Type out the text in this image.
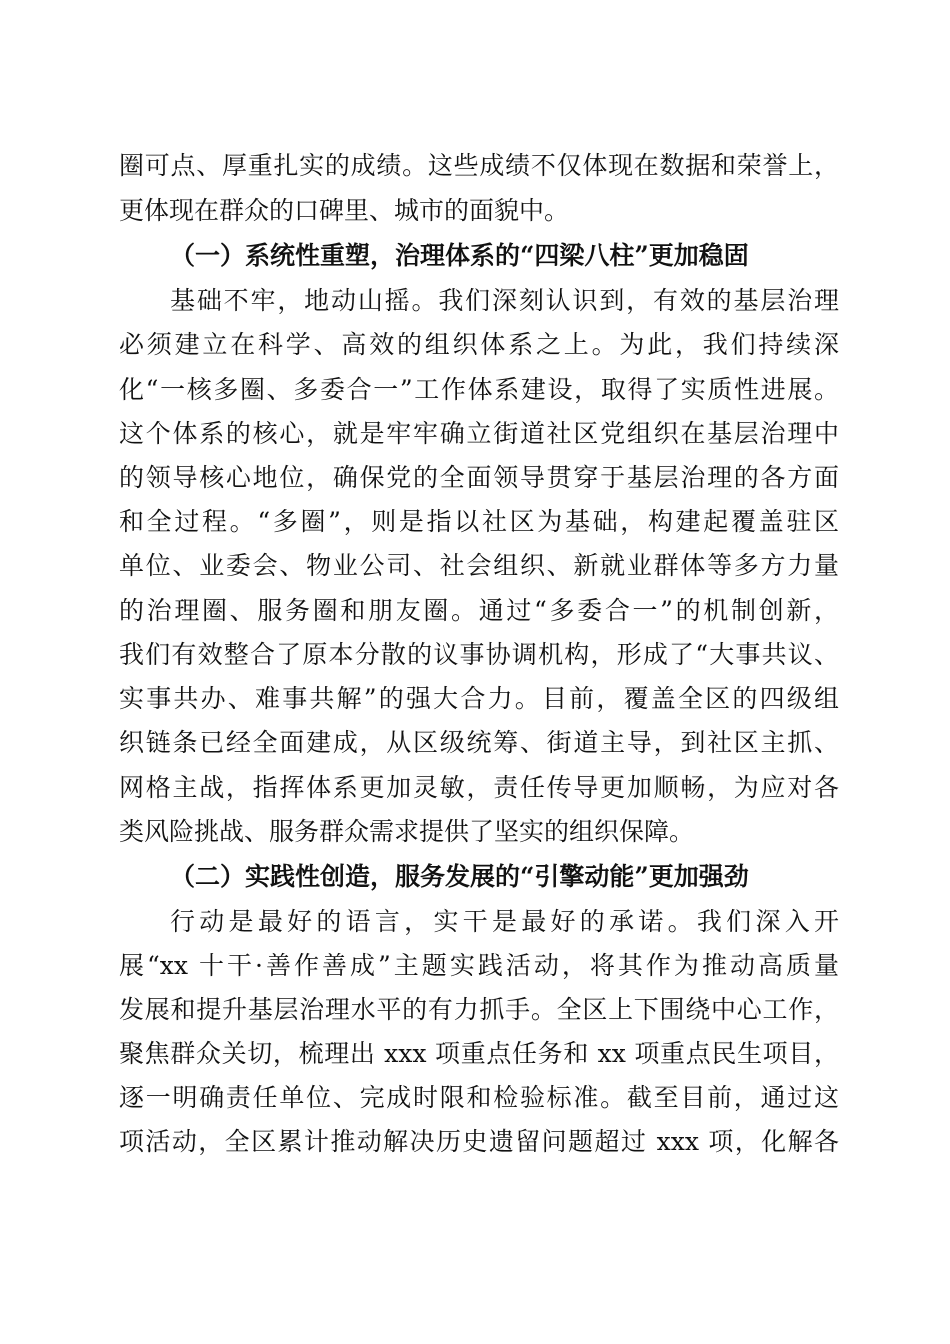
圈可点、厚重扎实的成绩。这些成绩不仅体现在数据和荣誉上，
更体现在群众的口碑里、城市的面貌中。
（一）系统性重塑，治理体系的“四梁八柱”更加稳固
基础不牢，地动山摇。我们深刻认识到，有效的基层治理
必须建立在科学、高效的组织体系之上。为此，我们持续深
化“一核多圈、多委合一”工作体系建设，取得了实质性进展。
这个体系的核心，就是牢牢确立街道社区党组织在基层治理中
的领导核心地位，确保党的全面领导贯穿于基层治理的各方面
和全过程。“多圈”，则是指以社区为基础，构建起覆盖驻区
单位、业委会、物业公司、社会组织、新就业群体等多方力量
的治理圈、服务圈和朋友圈。通过“多委合一”的机制创新，
我们有效整合了原本分散的议事协调机构，形成了“大事共议、
实事共办、难事共解”的强大合力。目前，覆盖全区的四级组
织链条已经全面建成，从区级统筹、街道主导，到社区主抓、
网格主战，指挥体系更加灵敏，责任传导更加顺畅，为应对各
类风险挑战、服务群众需求提供了坚实的组织保障。
（二）实践性创造，服务发展的“引擎动能”更加强劲
行动是最好的语言，实干是最好的承诺。我们深入开
展“xx 十干·善作善成”主题实践活动，将其作为推动高质量
发展和提升基层治理水平的有力抓手。全区上下围绕中心工作，
聚焦群众关切，梳理出 xxx 项重点任务和 xx 项重点民生项目，
逐一明确责任单位、完成时限和检验标准。截至目前，通过这
项活动，全区累计推动解决历史遗留问题超过 xxx 项，化解各
